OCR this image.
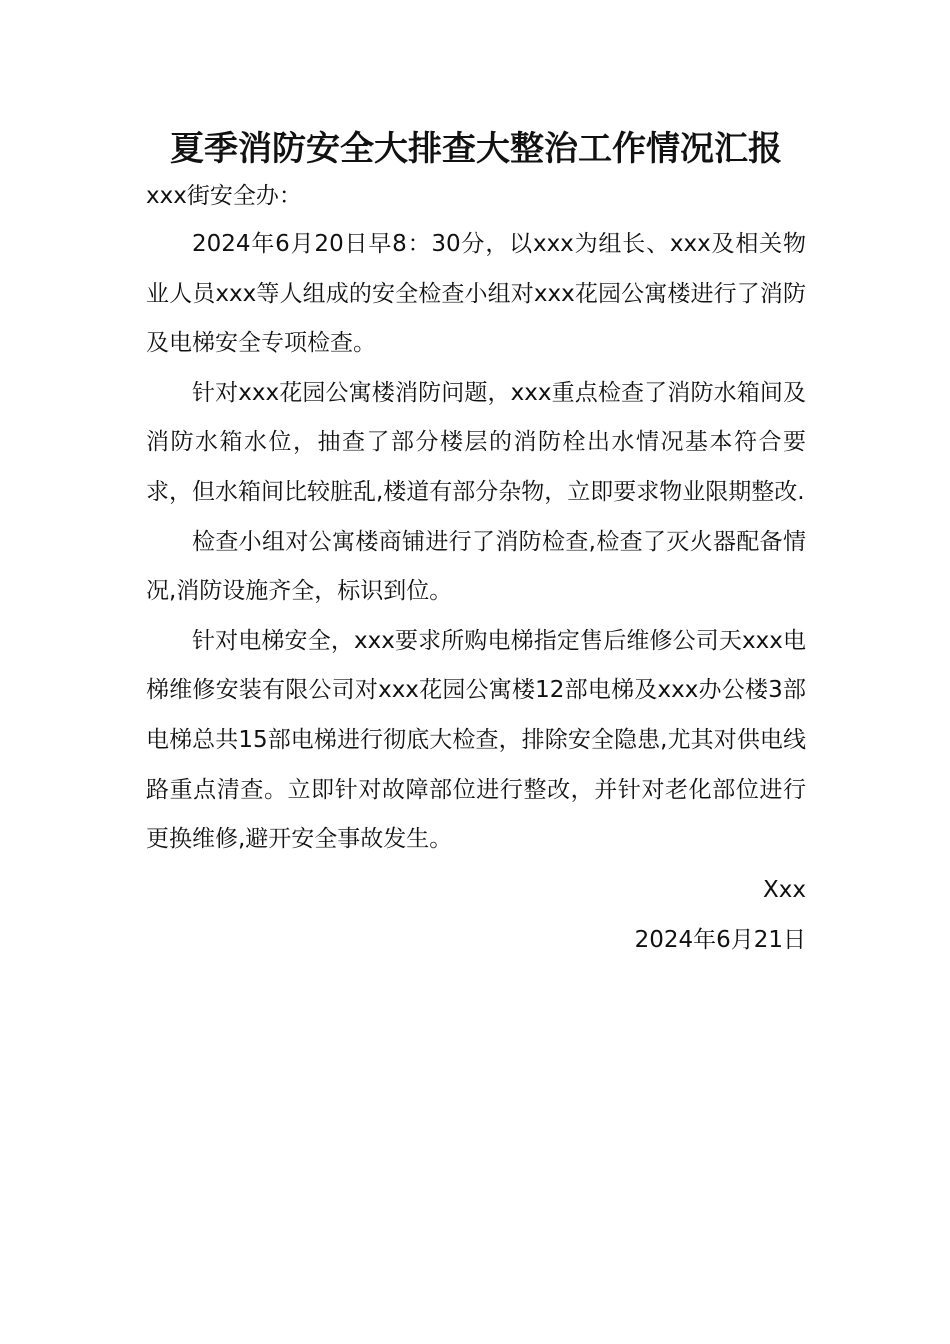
夏季消防安全大排查大整治工作情况汇报

xxx街安全办：

2024年6月20日早8：30分，以xxx为组长、xxx及相关物业人员xxx等人组成的安全检查小组对xxx花园公寓楼进行了消防及电梯安全专项检查。

针对xxx花园公寓楼消防问题，xxx重点检查了消防水箱间及消防水箱水位，抽查了部分楼层的消防栓出水情况基本符合要求，但水箱间比较脏乱,楼道有部分杂物，立即要求物业限期整改.

检查小组对公寓楼商铺进行了消防检查,检查了灭火器配备情况,消防设施齐全，标识到位。

针对电梯安全，xxx要求所购电梯指定售后维修公司天xxx电梯维修安装有限公司对xxx花园公寓楼12部电梯及xxx办公楼3部电梯总共15部电梯进行彻底大检查，排除安全隐患,尤其对供电线路重点清查。立即针对故障部位进行整改，并针对老化部位进行更换维修,避开安全事故发生。

Xxx

2024年6月21日
